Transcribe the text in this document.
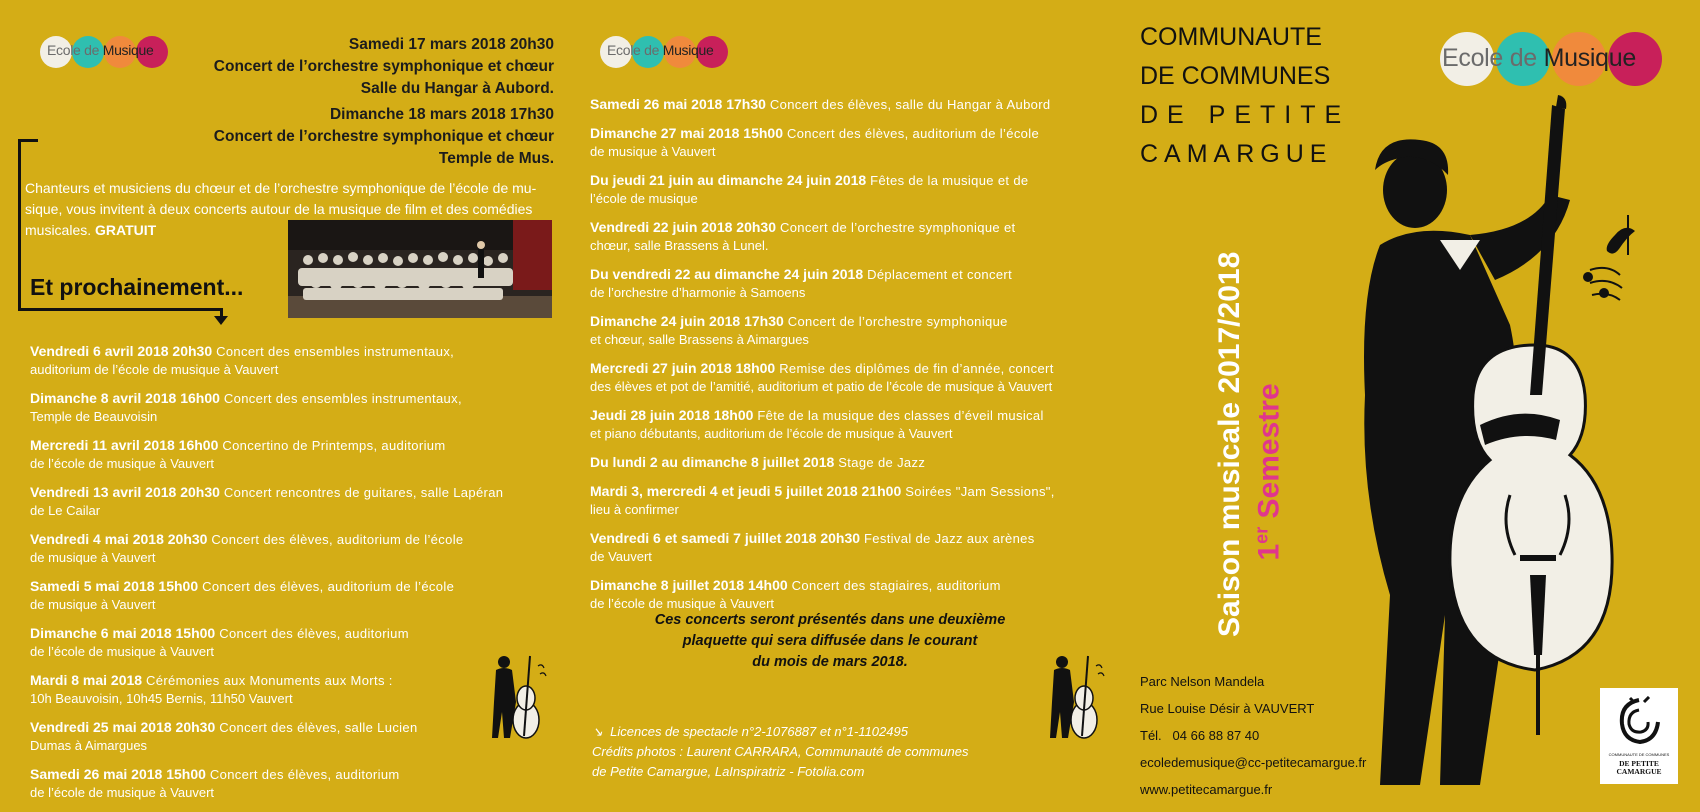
Ecole de Musique	Samedi 17 mars 2018 20h30
Concert de l’orchestre symphonique et chœur
Salle du Hangar à Aubord.
Dimanche 18 mars 2018 17h30
Concert de l’orchestre symphonique et chœur
Temple de Mus.
Chanteurs et musiciens du chœur et de l’orchestre symphonique de l’école de mu-
sique, vous invitent à deux concerts autour de la musique de film et des comédies
musicales. GRATUIT
Et prochainement...
Vendredi 6 avril 2018 20h30 Concert des ensembles instrumentaux,
auditorium de l’école de musique à Vauvert
Dimanche 8 avril 2018 16h00 Concert des ensembles instrumentaux,
Temple de Beauvoisin
Mercredi 11 avril 2018 16h00 Concertino de Printemps, auditorium
de l’école de musique à Vauvert
Vendredi 13 avril 2018 20h30 Concert rencontres de guitares, salle Lapéran
de Le Cailar
Vendredi 4 mai 2018 20h30 Concert des élèves, auditorium de l’école
de musique à Vauvert
Samedi 5 mai 2018 15h00 Concert des élèves, auditorium de l’école
de musique à Vauvert
Dimanche 6 mai 2018 15h00 Concert des élèves, auditorium
de l’école de musique à Vauvert
Mardi 8 mai 2018 Cérémonies aux Monuments aux Morts :
10h Beauvoisin, 10h45 Bernis, 11h50 Vauvert
Vendredi 25 mai 2018 20h30 Concert des élèves, salle Lucien
Dumas à Aimargues
Samedi 26 mai 2018 15h00 Concert des élèves, auditorium
de l’école de musique à Vauvert
Ecole de Musique
Samedi 26 mai 2018 17h30 Concert des élèves, salle du Hangar à Aubord
Dimanche 27 mai 2018 15h00 Concert des élèves, auditorium de l’école
de musique à Vauvert
Du jeudi 21 juin au dimanche 24 juin 2018 Fêtes de la musique et de
l’école de musique
Vendredi 22 juin 2018 20h30 Concert de l’orchestre symphonique et
chœur, salle Brassens à Lunel.
Du vendredi 22 au dimanche 24 juin 2018 Déplacement et concert
de l’orchestre d’harmonie à Samoens
Dimanche 24 juin 2018 17h30 Concert de l’orchestre symphonique
et chœur, salle Brassens à Aimargues
Mercredi 27 juin 2018 18h00 Remise des diplômes de fin d’année, concert
des élèves et pot de l’amitié, auditorium et patio de l’école de musique à Vauvert
Jeudi 28 juin 2018 18h00 Fête de la musique des classes d’éveil musical
et piano débutants, auditorium de l’école de musique à Vauvert
Du lundi 2 au dimanche 8 juillet 2018 Stage de Jazz
Mardi 3, mercredi 4 et jeudi 5 juillet 2018 21h00 Soirées "Jam Sessions",
lieu à confirmer
Vendredi 6 et samedi 7 juillet 2018 20h30 Festival de Jazz aux arènes
de Vauvert
Dimanche 8 juillet 2018 14h00 Concert des stagiaires, auditorium
de l’école de musique à Vauvert
Ces concerts seront présentés dans une deuxième
plaquette qui sera diffusée dans le courant
du mois de mars 2018.
↘ Licences de spectacle n°2-1076887 et n°1-1102495
Crédits photos : Laurent CARRARA, Communauté de communes
de Petite Camargue, LaInspiratriz - Fotolia.com
COMMUNAUTE
DE COMMUNES
DE PETITE
CAMARGUE
Ecole de Musique
Saison musicale 2017/2018 1er Semestre
Parc Nelson Mandela
Rue Louise Désir à VAUVERT
Tél. 04 66 88 87 40
ecoledemusique@cc-petitecamargue.fr
www.petitecamargue.fr
COMMUNAUTE DE COMMUNES
DE PETITE
CAMARGUE
